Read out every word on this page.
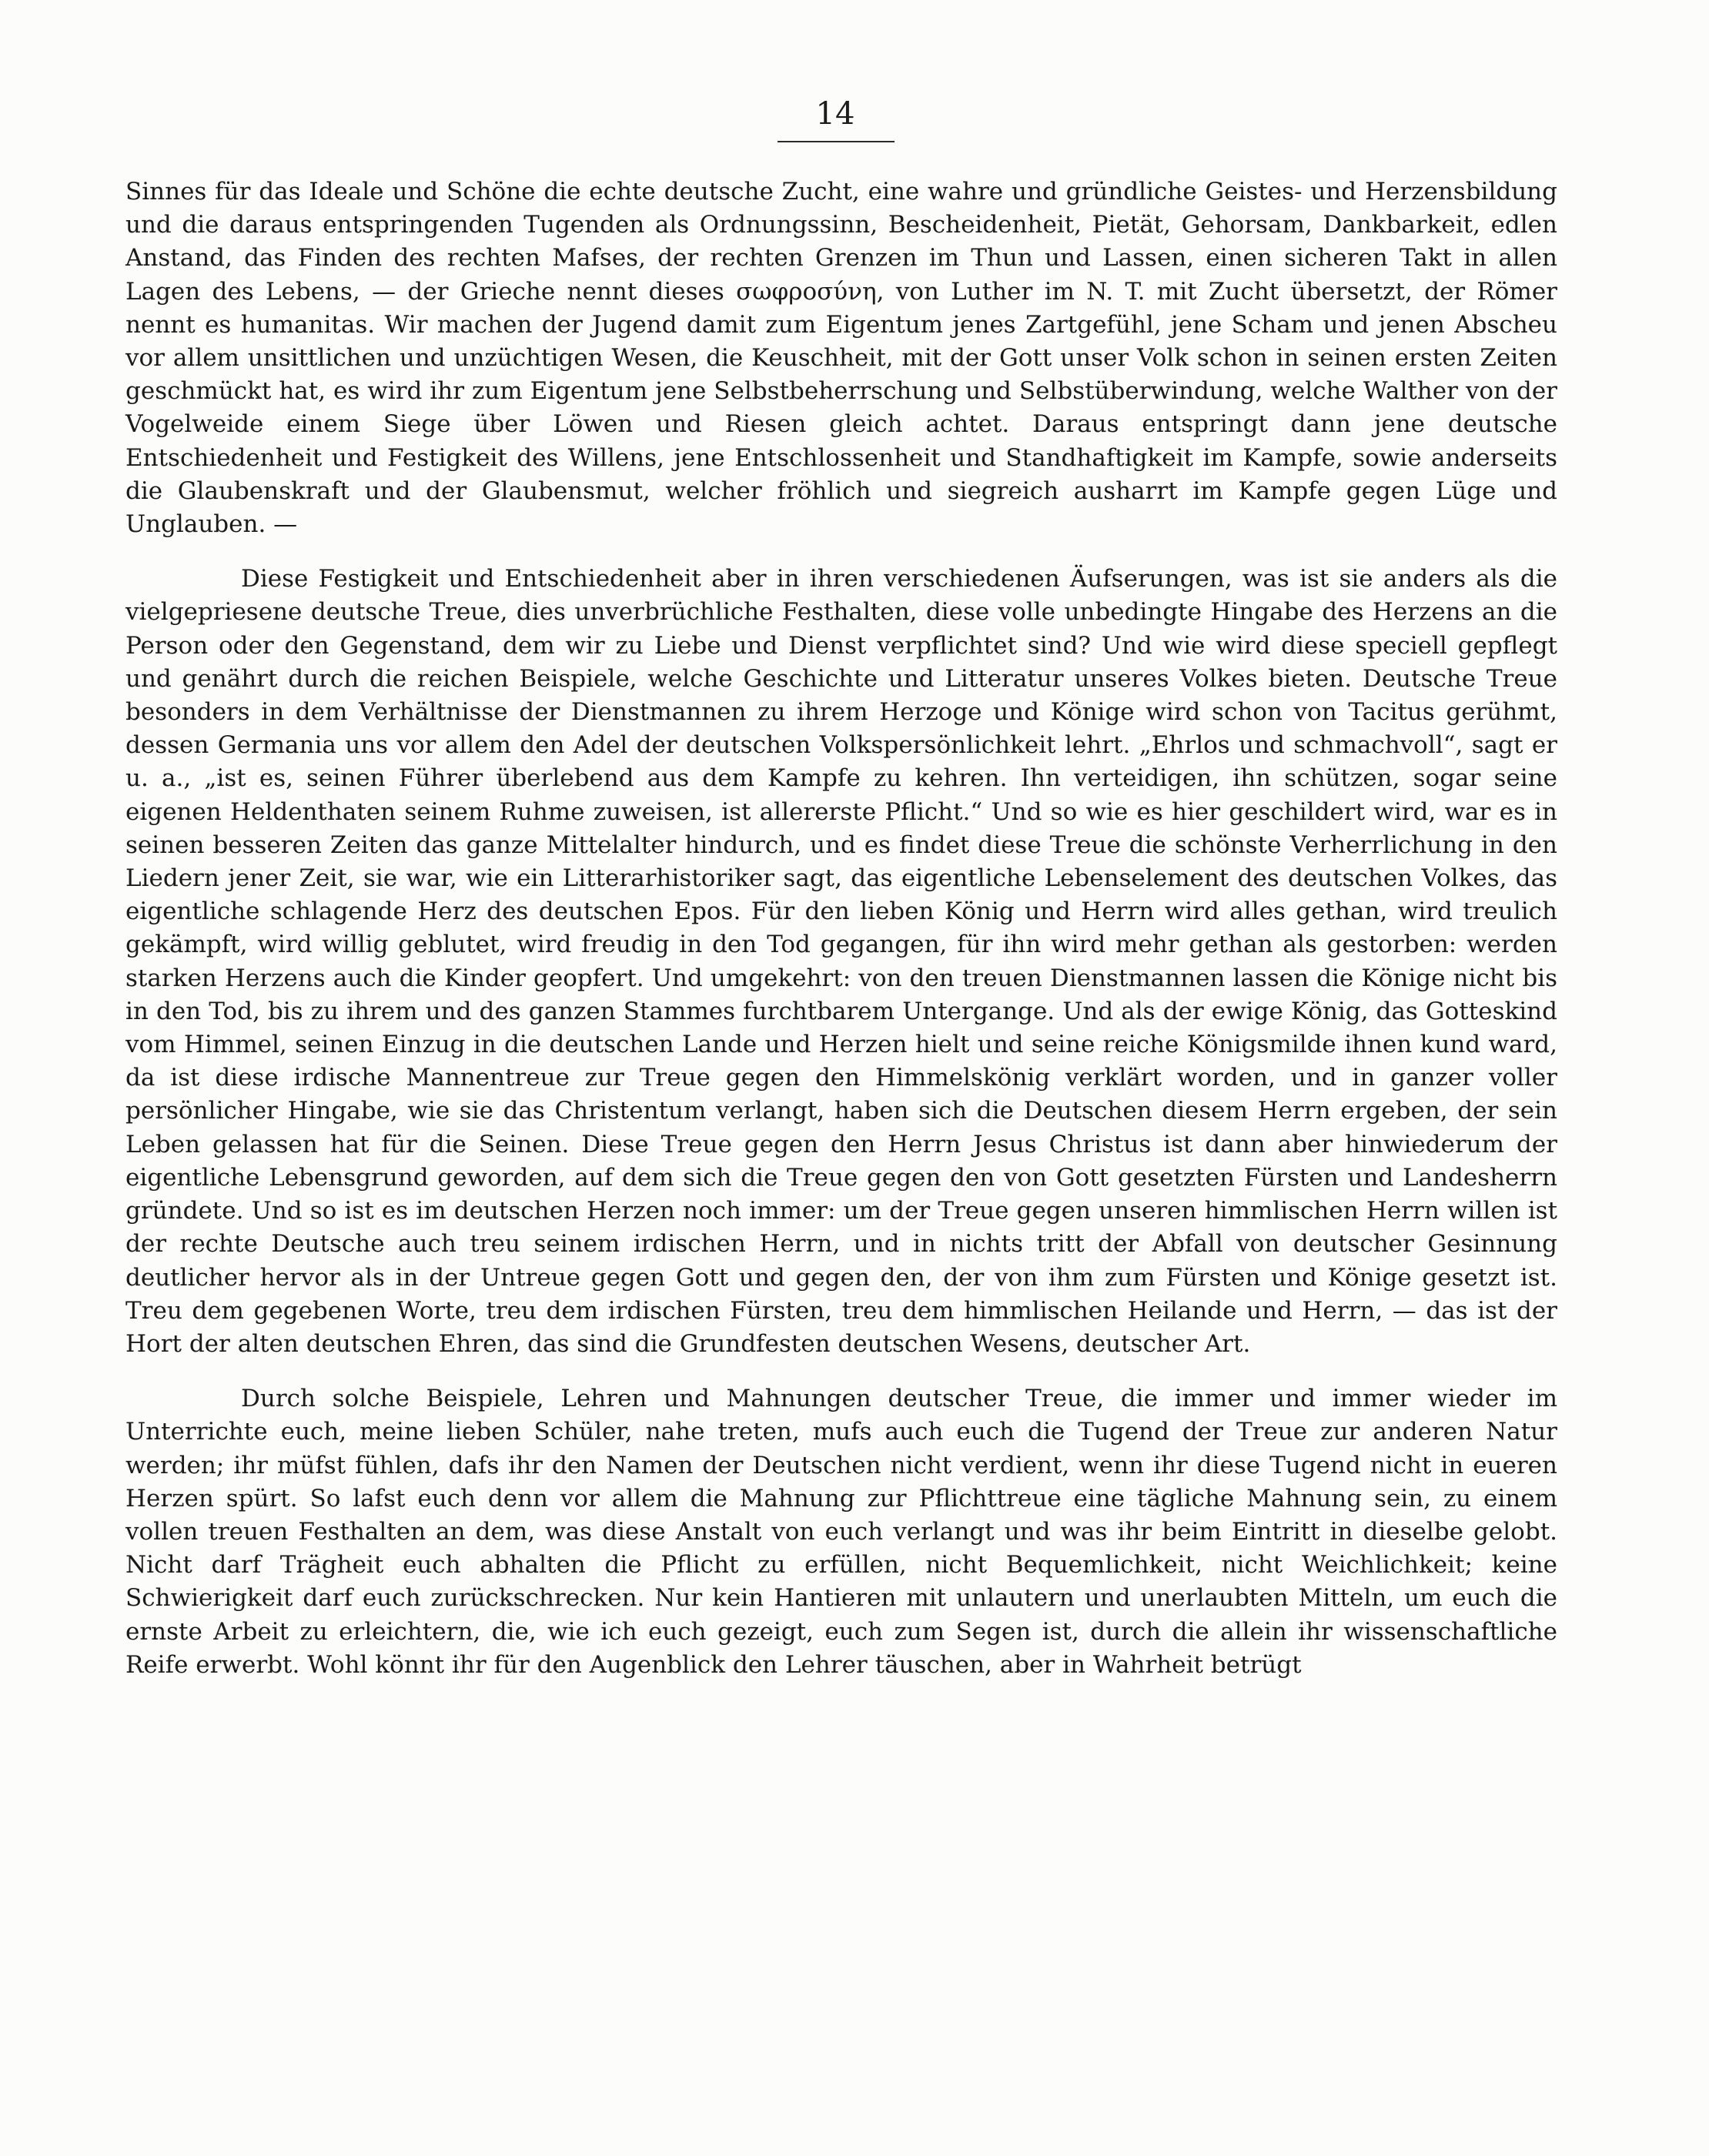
14

Sinnes für das Ideale und Schöne die echte deutsche Zucht, eine wahre und gründliche Geistes- und Herzensbildung und die daraus entspringenden Tugenden als Ordnungssinn, Bescheidenheit, Pietät, Gehorsam, Dankbarkeit, edlen Anstand, das Finden des rechten Mafses, der rechten Grenzen im Thun und Lassen, einen sicheren Takt in allen Lagen des Lebens, — der Grieche nennt dieses σωφροσύνη, von Luther im N. T. mit Zucht übersetzt, der Römer nennt es humanitas. Wir machen der Jugend damit zum Eigentum jenes Zartgefühl, jene Scham und jenen Abscheu vor allem unsittlichen und unzüchtigen Wesen, die Keuschheit, mit der Gott unser Volk schon in seinen ersten Zeiten geschmückt hat, es wird ihr zum Eigentum jene Selbstbeherrschung und Selbstüberwindung, welche Walther von der Vogelweide einem Siege über Löwen und Riesen gleich achtet. Daraus entspringt dann jene deutsche Entschiedenheit und Festigkeit des Willens, jene Entschlossenheit und Standhaftigkeit im Kampfe, sowie anderseits die Glaubenskraft und der Glaubensmut, welcher fröhlich und siegreich ausharrt im Kampfe gegen Lüge und Unglauben. —

Diese Festigkeit und Entschiedenheit aber in ihren verschiedenen Äufserungen, was ist sie anders als die vielgepriesene deutsche Treue, dies unverbrüchliche Festhalten, diese volle unbedingte Hingabe des Herzens an die Person oder den Gegenstand, dem wir zu Liebe und Dienst verpflichtet sind? Und wie wird diese speciell gepflegt und genährt durch die reichen Beispiele, welche Geschichte und Litteratur unseres Volkes bieten. Deutsche Treue besonders in dem Verhältnisse der Dienstmannen zu ihrem Herzoge und Könige wird schon von Tacitus gerühmt, dessen Germania uns vor allem den Adel der deutschen Volkspersönlichkeit lehrt. „Ehrlos und schmachvoll“, sagt er u. a., „ist es, seinen Führer überlebend aus dem Kampfe zu kehren. Ihn verteidigen, ihn schützen, sogar seine eigenen Heldenthaten seinem Ruhme zuweisen, ist allererste Pflicht.“ Und so wie es hier geschildert wird, war es in seinen besseren Zeiten das ganze Mittelalter hindurch, und es findet diese Treue die schönste Verherrlichung in den Liedern jener Zeit, sie war, wie ein Litterarhistoriker sagt, das eigentliche Lebenselement des deutschen Volkes, das eigentliche schlagende Herz des deutschen Epos. Für den lieben König und Herrn wird alles gethan, wird treulich gekämpft, wird willig geblutet, wird freudig in den Tod gegangen, für ihn wird mehr gethan als gestorben: werden starken Herzens auch die Kinder geopfert. Und umgekehrt: von den treuen Dienstmannen lassen die Könige nicht bis in den Tod, bis zu ihrem und des ganzen Stammes furchtbarem Untergange. Und als der ewige König, das Gotteskind vom Himmel, seinen Einzug in die deutschen Lande und Herzen hielt und seine reiche Königsmilde ihnen kund ward, da ist diese irdische Mannentreue zur Treue gegen den Himmelskönig verklärt worden, und in ganzer voller persönlicher Hingabe, wie sie das Christentum verlangt, haben sich die Deutschen diesem Herrn ergeben, der sein Leben gelassen hat für die Seinen. Diese Treue gegen den Herrn Jesus Christus ist dann aber hinwiederum der eigentliche Lebensgrund geworden, auf dem sich die Treue gegen den von Gott gesetzten Fürsten und Landesherrn gründete. Und so ist es im deutschen Herzen noch immer: um der Treue gegen unseren himmlischen Herrn willen ist der rechte Deutsche auch treu seinem irdischen Herrn, und in nichts tritt der Abfall von deutscher Gesinnung deutlicher hervor als in der Untreue gegen Gott und gegen den, der von ihm zum Fürsten und Könige gesetzt ist. Treu dem gegebenen Worte, treu dem irdischen Fürsten, treu dem himmlischen Heilande und Herrn, — das ist der Hort der alten deutschen Ehren, das sind die Grundfesten deutschen Wesens, deutscher Art.

Durch solche Beispiele, Lehren und Mahnungen deutscher Treue, die immer und immer wieder im Unterrichte euch, meine lieben Schüler, nahe treten, mufs auch euch die Tugend der Treue zur anderen Natur werden; ihr müfst fühlen, dafs ihr den Namen der Deutschen nicht verdient, wenn ihr diese Tugend nicht in eueren Herzen spürt. So lafst euch denn vor allem die Mahnung zur Pflichttreue eine tägliche Mahnung sein, zu einem vollen treuen Festhalten an dem, was diese Anstalt von euch verlangt und was ihr beim Eintritt in dieselbe gelobt. Nicht darf Trägheit euch abhalten die Pflicht zu erfüllen, nicht Bequemlichkeit, nicht Weichlichkeit; keine Schwierigkeit darf euch zurückschrecken. Nur kein Hantieren mit unlautern und unerlaubten Mitteln, um euch die ernste Arbeit zu erleichtern, die, wie ich euch gezeigt, euch zum Segen ist, durch die allein ihr wissenschaftliche Reife erwerbt. Wohl könnt ihr für den Augenblick den Lehrer täuschen, aber in Wahrheit betrügt
